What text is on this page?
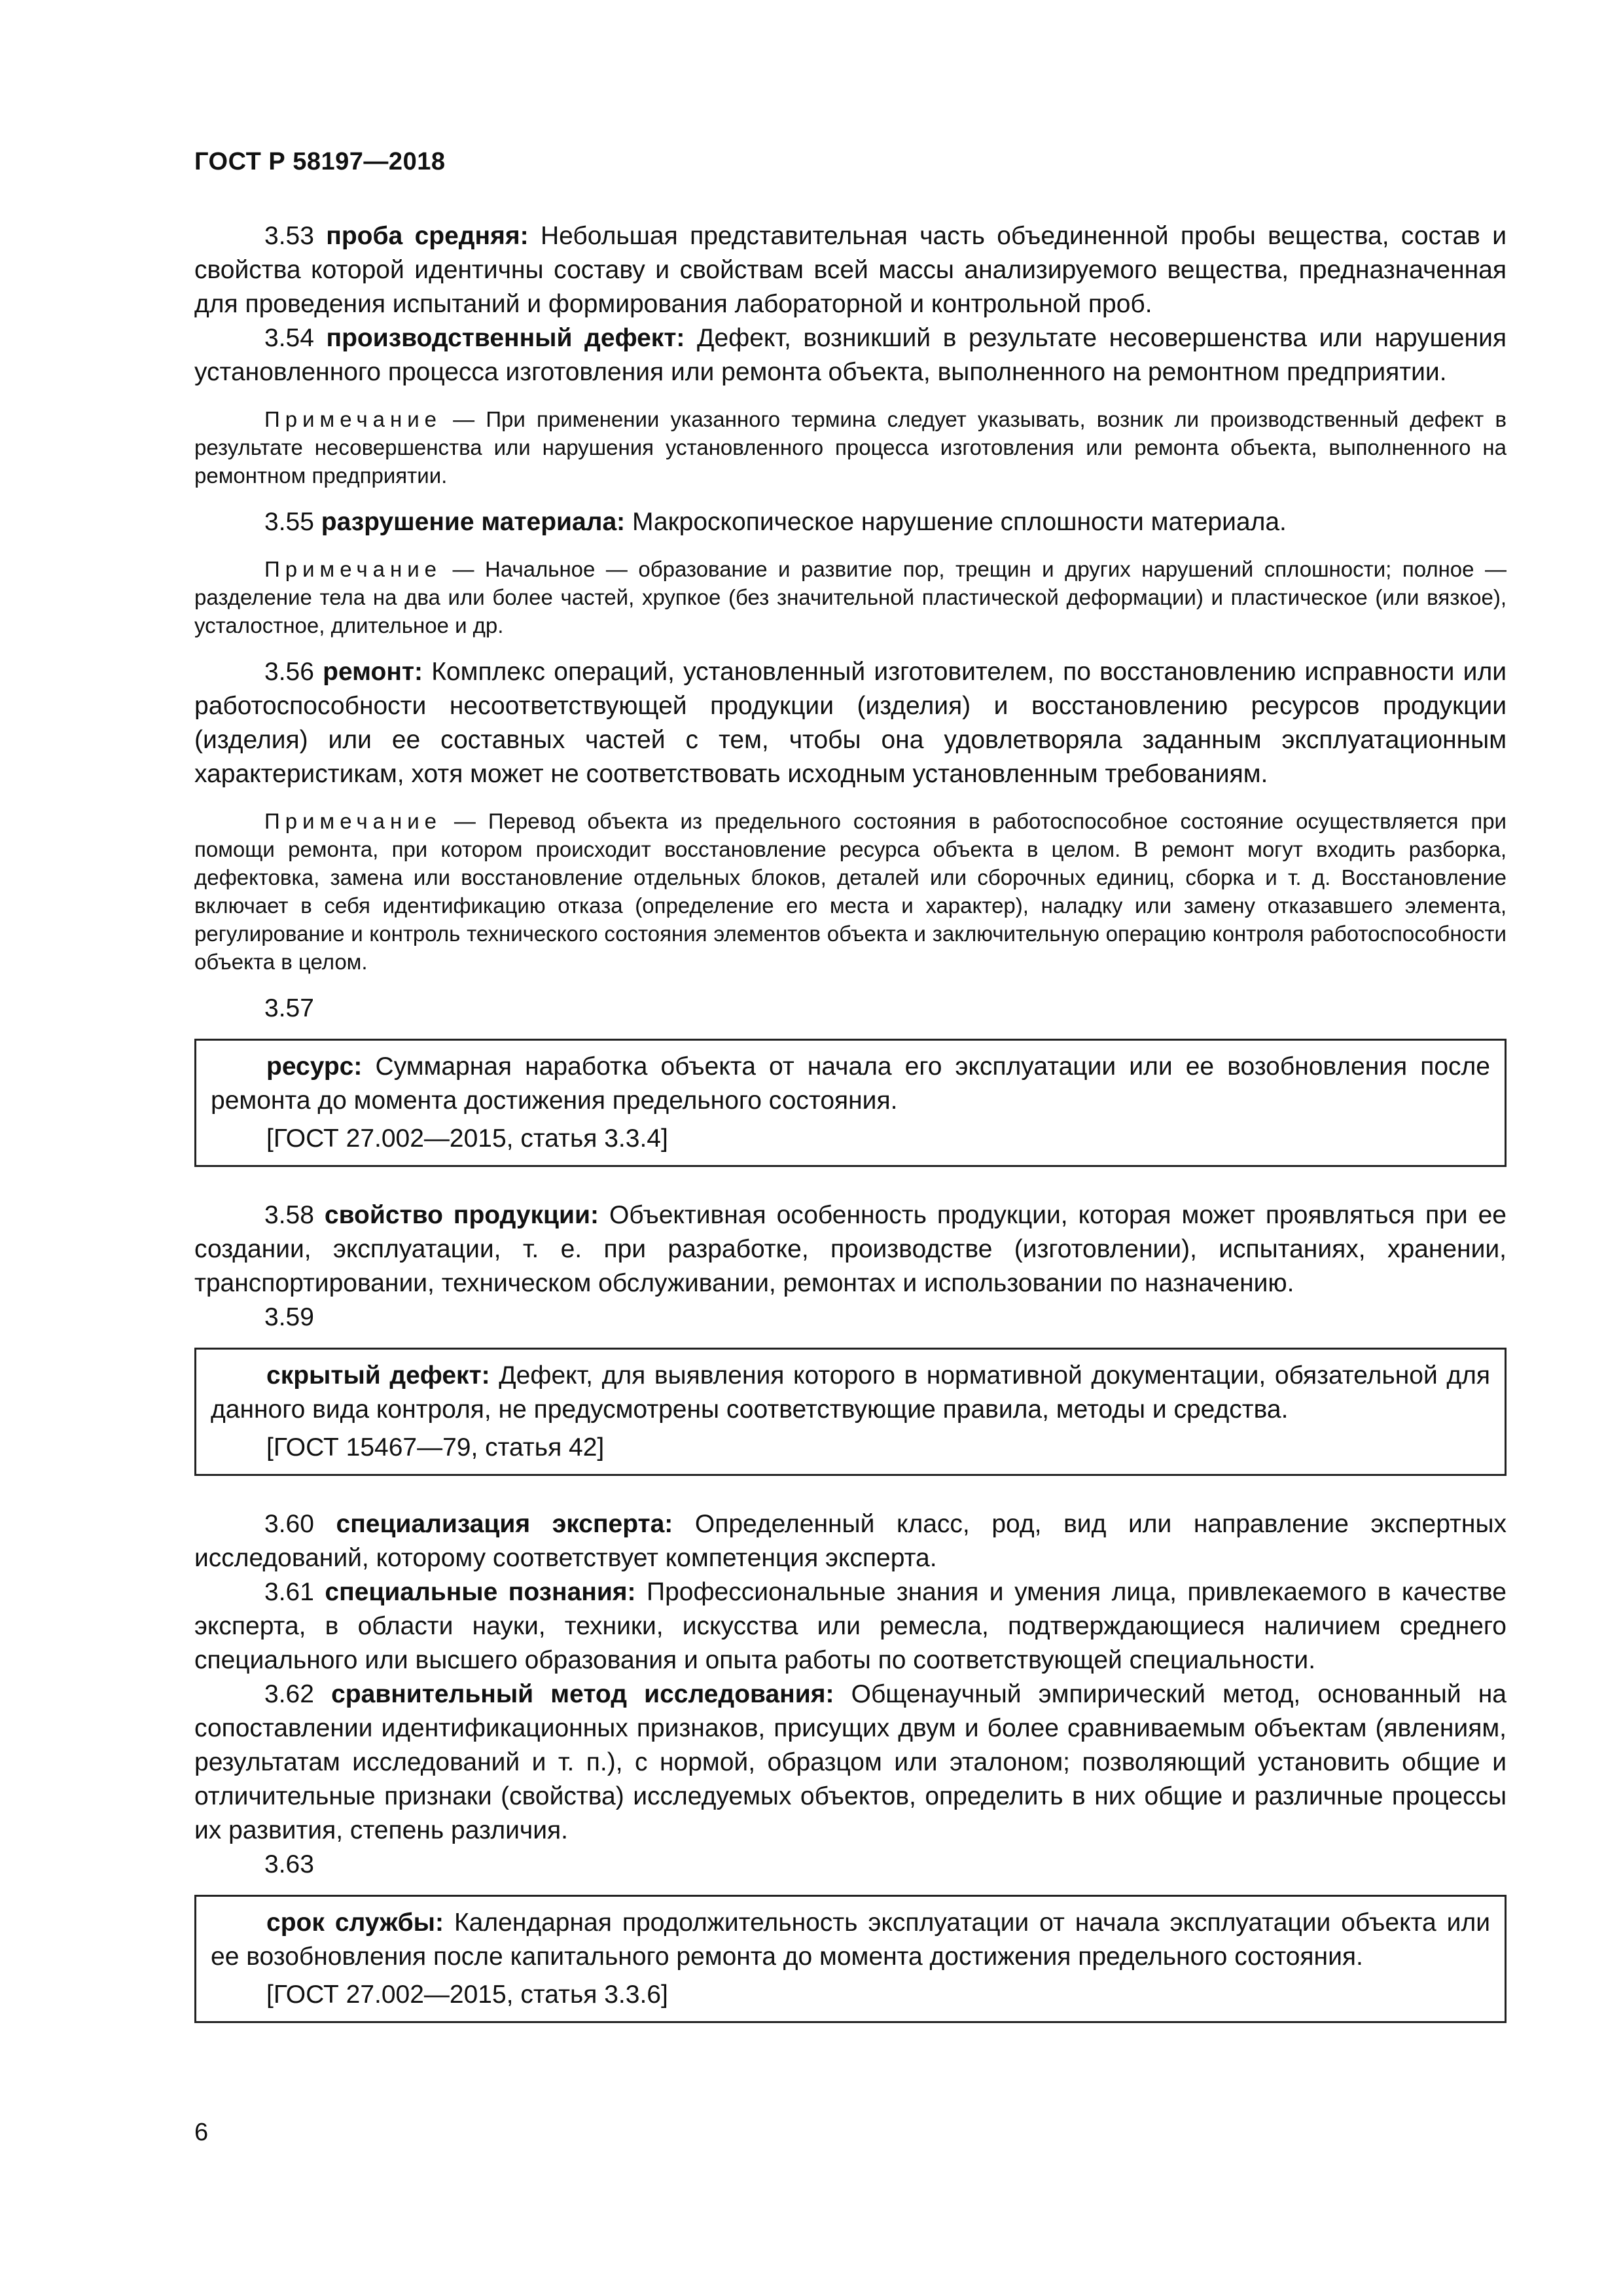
ГОСТ Р 58197—2018

3.53 проба средняя: Небольшая представительная часть объединенной пробы вещества, состав и свойства которой идентичны составу и свойствам всей массы анализируемого вещества, предназначенная для проведения испытаний и формирования лабораторной и контрольной проб.

3.54 производственный дефект: Дефект, возникший в результате несовершенства или нарушения установленного процесса изготовления или ремонта объекта, выполненного на ремонтном предприятии.

Примечание — При применении указанного термина следует указывать, возник ли производственный дефект в результате несовершенства или нарушения установленного процесса изготовления или ремонта объекта, выполненного на ремонтном предприятии.

3.55 разрушение материала: Макроскопическое нарушение сплошности материала.

Примечание — Начальное — образование и развитие пор, трещин и других нарушений сплошности; полное — разделение тела на два или более частей, хрупкое (без значительной пластической деформации) и пластическое (или вязкое), усталостное, длительное и др.

3.56 ремонт: Комплекс операций, установленный изготовителем, по восстановлению исправности или работоспособности несоответствующей продукции (изделия) и восстановлению ресурсов продукции (изделия) или ее составных частей с тем, чтобы она удовлетворяла заданным эксплуатационным характеристикам, хотя может не соответствовать исходным установленным требованиям.

Примечание — Перевод объекта из предельного состояния в работоспособное состояние осуществляется при помощи ремонта, при котором происходит восстановление ресурса объекта в целом. В ремонт могут входить разборка, дефектовка, замена или восстановление отдельных блоков, деталей или сборочных единиц, сборка и т. д. Восстановление включает в себя идентификацию отказа (определение его места и характер), наладку или замену отказавшего элемента, регулирование и контроль технического состояния элементов объекта и заключительную операцию контроля работоспособности объекта в целом.

3.57

ресурс: Суммарная наработка объекта от начала его эксплуатации или ее возобновления после ремонта до момента достижения предельного состояния.

[ГОСТ 27.002—2015, статья 3.3.4]

3.58 свойство продукции: Объективная особенность продукции, которая может проявляться при ее создании, эксплуатации, т. е. при разработке, производстве (изготовлении), испытаниях, хранении, транспортировании, техническом обслуживании, ремонтах и использовании по назначению.

3.59

скрытый дефект: Дефект, для выявления которого в нормативной документации, обязательной для данного вида контроля, не предусмотрены соответствующие правила, методы и средства.

[ГОСТ 15467—79, статья 42]

3.60 специализация эксперта: Определенный класс, род, вид или направление экспертных исследований, которому соответствует компетенция эксперта.

3.61 специальные познания: Профессиональные знания и умения лица, привлекаемого в качестве эксперта, в области науки, техники, искусства или ремесла, подтверждающиеся наличием среднего специального или высшего образования и опыта работы по соответствующей специальности.

3.62 сравнительный метод исследования: Общенаучный эмпирический метод, основанный на сопоставлении идентификационных признаков, присущих двум и более сравниваемым объектам (явлениям, результатам исследований и т. п.), с нормой, образцом или эталоном; позволяющий установить общие и отличительные признаки (свойства) исследуемых объектов, определить в них общие и различные процессы их развития, степень различия.

3.63

срок службы: Календарная продолжительность эксплуатации от начала эксплуатации объекта или ее возобновления после капитального ремонта до момента достижения предельного состояния.

[ГОСТ 27.002—2015, статья 3.3.6]

6
